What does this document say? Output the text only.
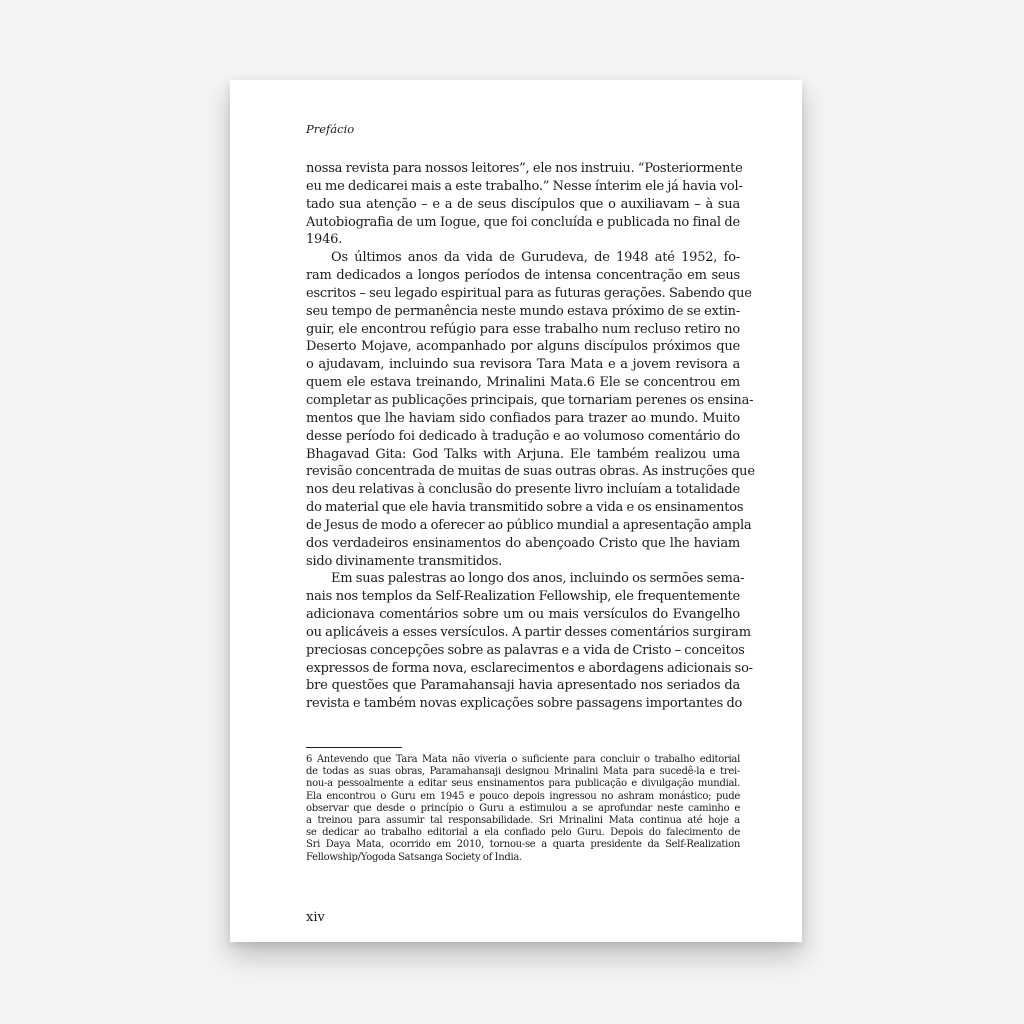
Prefácio
nossa revista para nossos leitores”, ele nos instruiu. “Posteriormente
eu me dedicarei mais a este trabalho.” Nesse ínterim ele já havia vol-
tado sua atenção – e a de seus discípulos que o auxiliavam – à sua
Autobiografia de um Iogue, que foi concluída e publicada no final de
1946.
Os últimos anos da vida de Gurudeva, de 1948 até 1952, fo-
ram dedicados a longos períodos de intensa concentração em seus
escritos – seu legado espiritual para as futuras gerações. Sabendo que
seu tempo de permanência neste mundo estava próximo de se extin-
guir, ele encontrou refúgio para esse trabalho num recluso retiro no
Deserto Mojave, acompanhado por alguns discípulos próximos que
o ajudavam, incluindo sua revisora Tara Mata e a jovem revisora a
quem ele estava treinando, Mrinalini Mata.6 Ele se concentrou em
completar as publicações principais, que tornariam perenes os ensina-
mentos que lhe haviam sido confiados para trazer ao mundo. Muito
desse período foi dedicado à tradução e ao volumoso comentário do
Bhagavad Gita: God Talks with Arjuna. Ele também realizou uma
revisão concentrada de muitas de suas outras obras. As instruções que
nos deu relativas à conclusão do presente livro incluíam a totalidade
do material que ele havia transmitido sobre a vida e os ensinamentos
de Jesus de modo a oferecer ao público mundial a apresentação ampla
dos verdadeiros ensinamentos do abençoado Cristo que lhe haviam
sido divinamente transmitidos.
Em suas palestras ao longo dos anos, incluindo os sermões sema-
nais nos templos da Self-Realization Fellowship, ele frequentemente
adicionava comentários sobre um ou mais versículos do Evangelho
ou aplicáveis a esses versículos. A partir desses comentários surgiram
preciosas concepções sobre as palavras e a vida de Cristo – conceitos
expressos de forma nova, esclarecimentos e abordagens adicionais so-
bre questões que Paramahansaji havia apresentado nos seriados da
revista e também novas explicações sobre passagens importantes do
6 Antevendo que Tara Mata não viveria o suficiente para concluir o trabalho editorial
de todas as suas obras, Paramahansaji designou Mrinalini Mata para sucedê-la e trei-
nou-a pessoalmente a editar seus ensinamentos para publicação e divulgação mundial.
Ela encontrou o Guru em 1945 e pouco depois ingressou no ashram monástico; pude
observar que desde o princípio o Guru a estimulou a se aprofundar neste caminho e
a treinou para assumir tal responsabilidade. Sri Mrinalini Mata continua até hoje a
se dedicar ao trabalho editorial a ela confiado pelo Guru. Depois do falecimento de
Sri Daya Mata, ocorrido em 2010, tornou-se a quarta presidente da Self-Realization
Fellowship/Yogoda Satsanga Society of India.
xiv
